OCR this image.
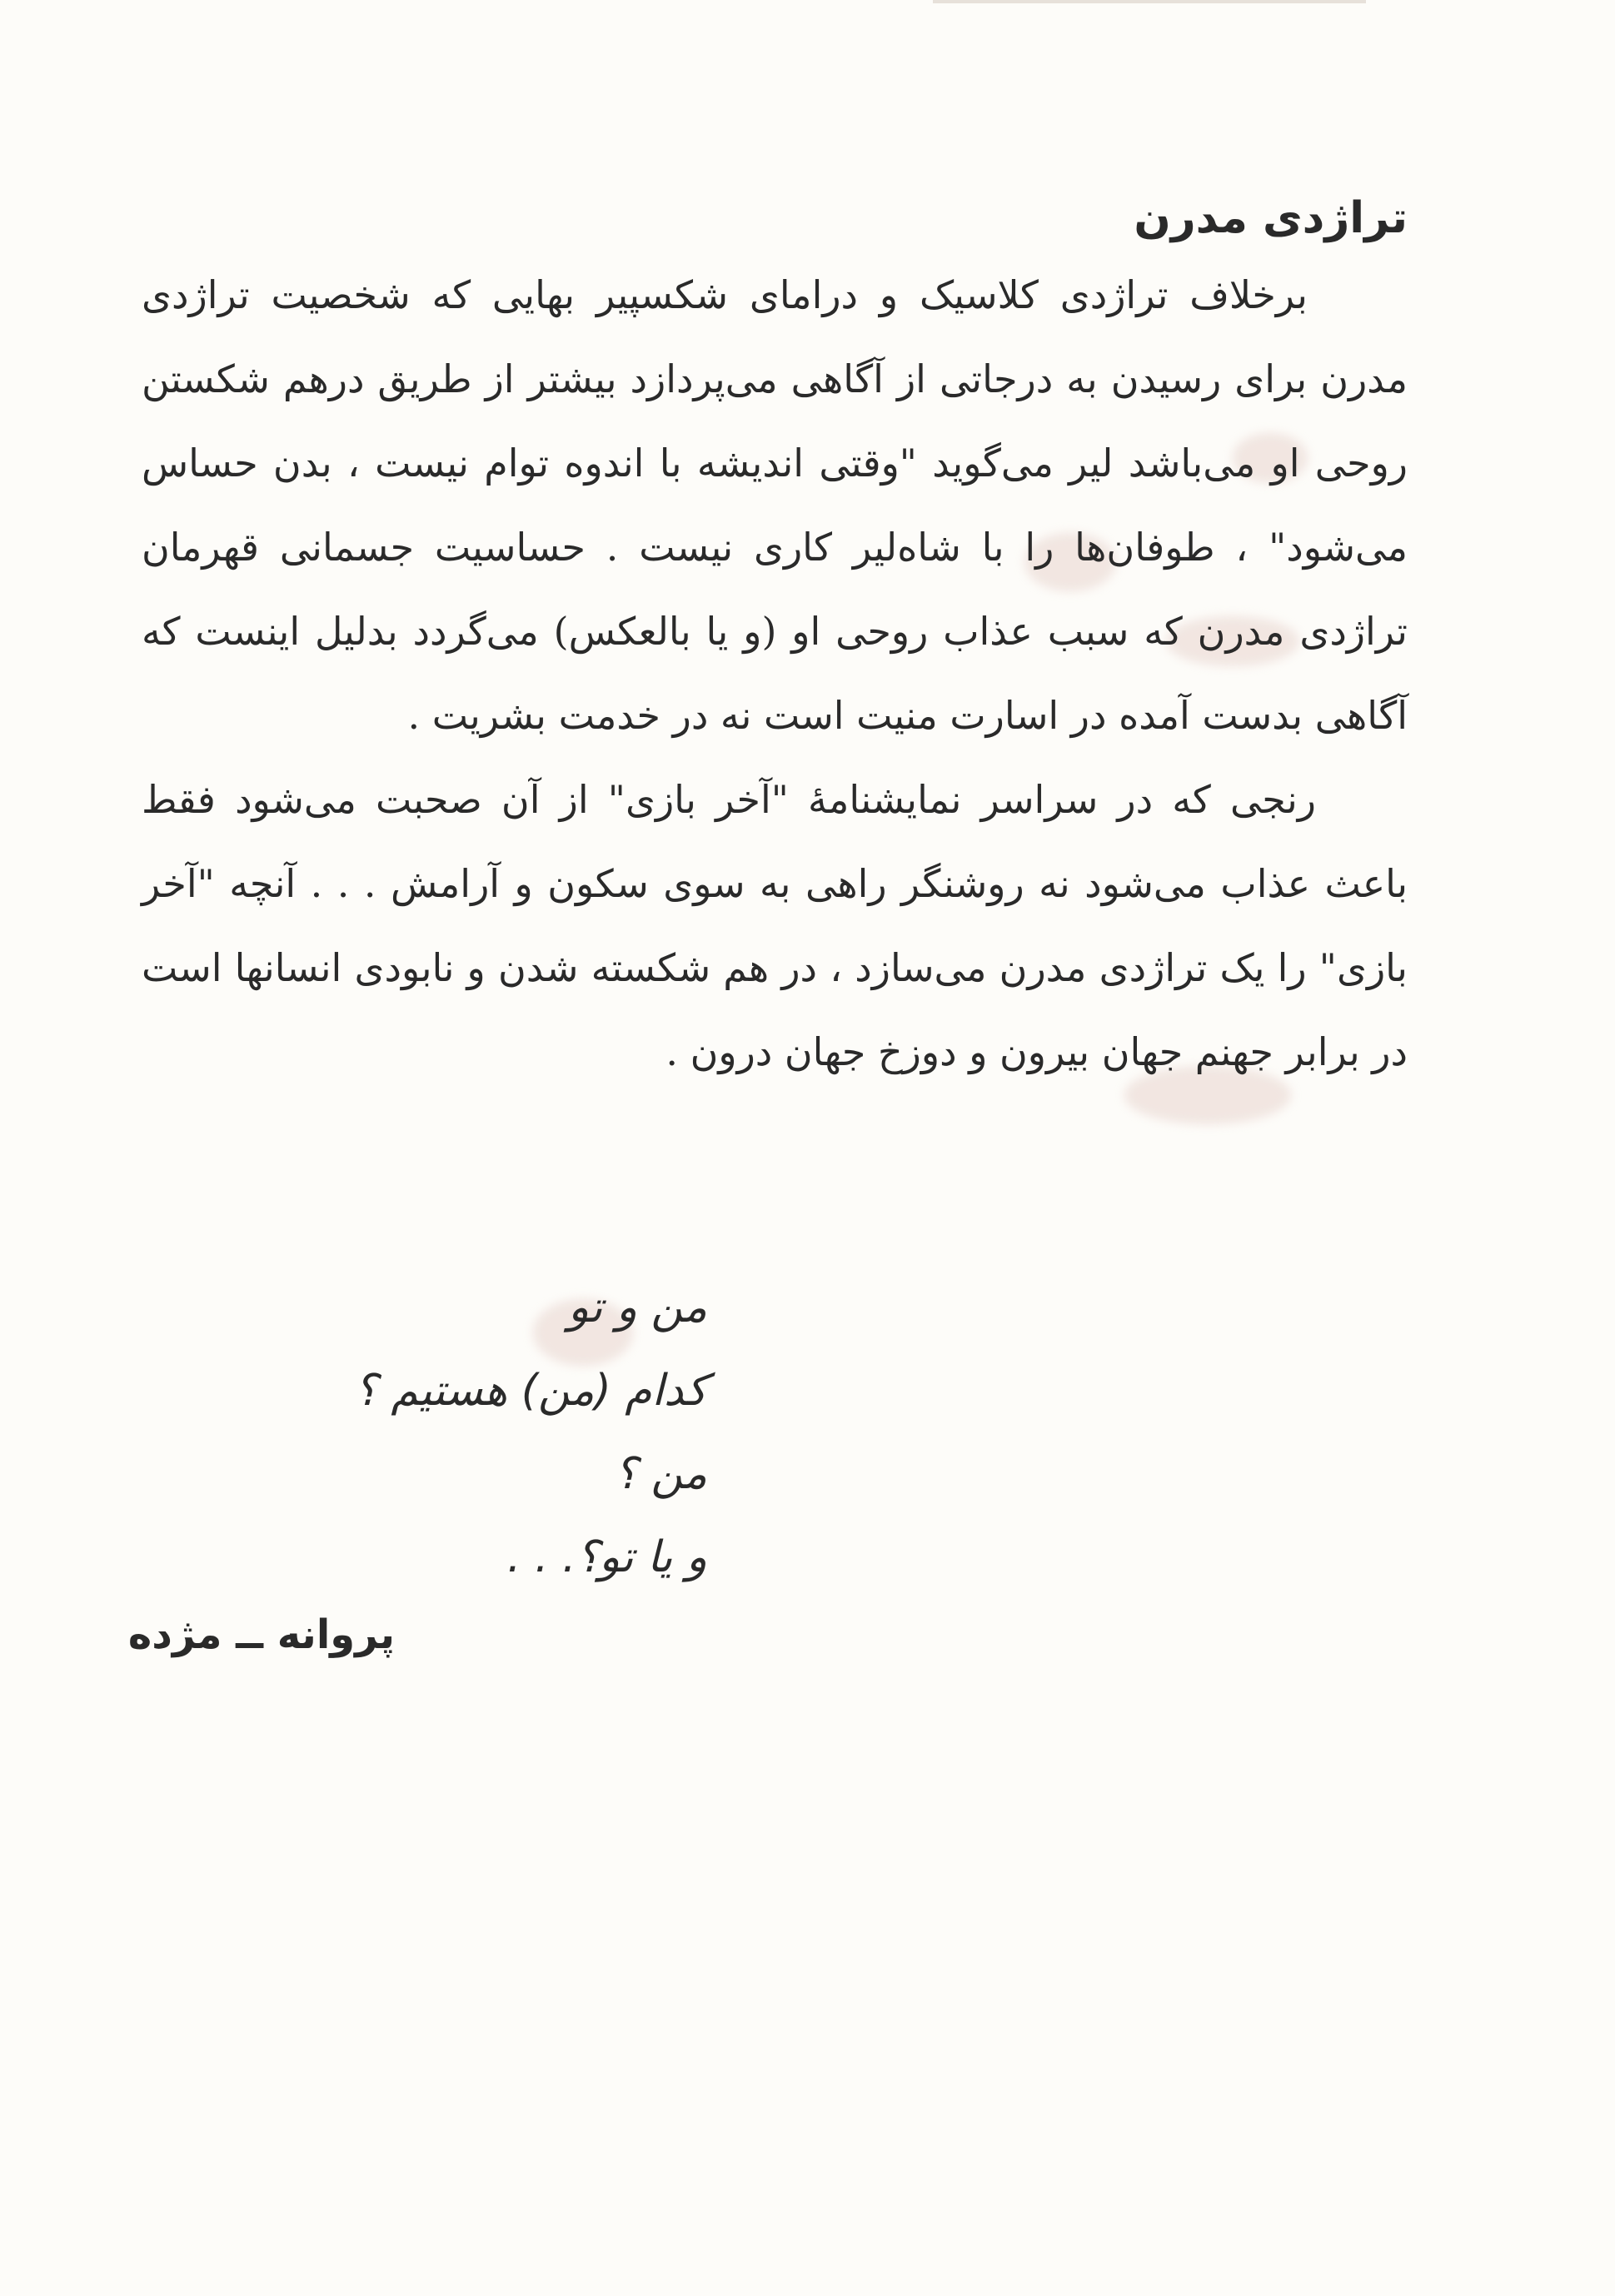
تراژدی مدرن

برخلاف تراژدی کلاسیک و درامای شکسپیر بهایی که شخصیت تراژدی مدرن برای رسیدن به درجاتی از آگاهی می‌پردازد بیشتر از طریق درهم شکستن روحی او می‌باشد لیر می‌گوید "وقتی اندیشه با اندوه توام نیست ، بدن حساس می‌شود" ، طوفان‌ها را با شاه‌لیر کاری نیست . حساسیت جسمانی قهرمان تراژدی مدرن که سبب عذاب روحی او (و یا بالعکس) می‌گردد بدلیل اینست که آگاهی بدست آمده در اسارت منیت است نه در خدمت بشریت .

رنجی که در سراسر نمایشنامهٔ "آخر بازی" از آن صحبت می‌شود فقط باعث عذاب می‌شود نه روشنگر راهی به سوی سکون و آرامش . . . آنچه "آخر بازی" را یک تراژدی مدرن می‌سازد ، در هم شکسته شدن و نابودی انسانها است در برابر جهنم جهان بیرون و دوزخ جهان درون .

من و تو
کدام (من) هستیم ؟
من ؟
و یا تو؟. . .
پروانه ــ مژده
